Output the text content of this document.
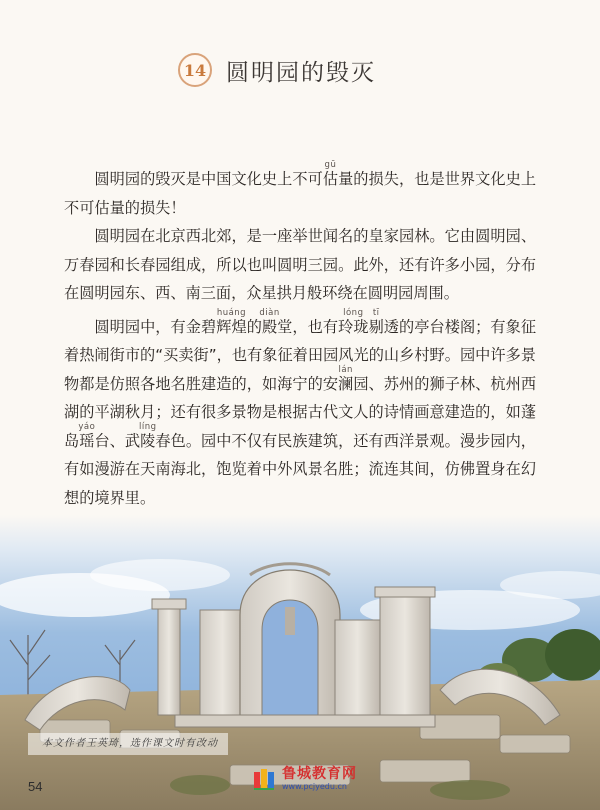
14 圆明园的毁灭

圆明园的毁灭是中国文化史上不可估gū量的损失，也是世界文化史上不可估量的损失！

圆明园在北京西北郊，是一座举世闻名的皇家园林。它由圆明园、万春园和长春园组成，所以也叫圆明三园。此外，还有许多小园，分布在圆明园东、西、南三面，众星拱月般环绕在圆明园周围。

圆明园中，有金碧辉煌huáng的殿diàn堂，也有玲珑lóng剔tī透的亭台楼阁；有象征着热闹街市的“买卖街”，也有象征着田园风光的山乡村野。园中许多景物都是仿照各地名胜建造的，如海宁的安澜lán园、苏州的狮子林、杭州西湖的平湖秋月；还有很多景物是根据古代文人的诗情画意建造的，如蓬岛瑶yáo台、武陵líng春色。园中不仅有民族建筑，还有西洋景观。漫步园内，有如漫游在天南海北，饱览着中外风景名胜；流连其间，仿佛置身在幻想的境界里。

本文作者王英琦，选作课文时有改动
54
鲁城教育网
www.pcjyedu.cn
